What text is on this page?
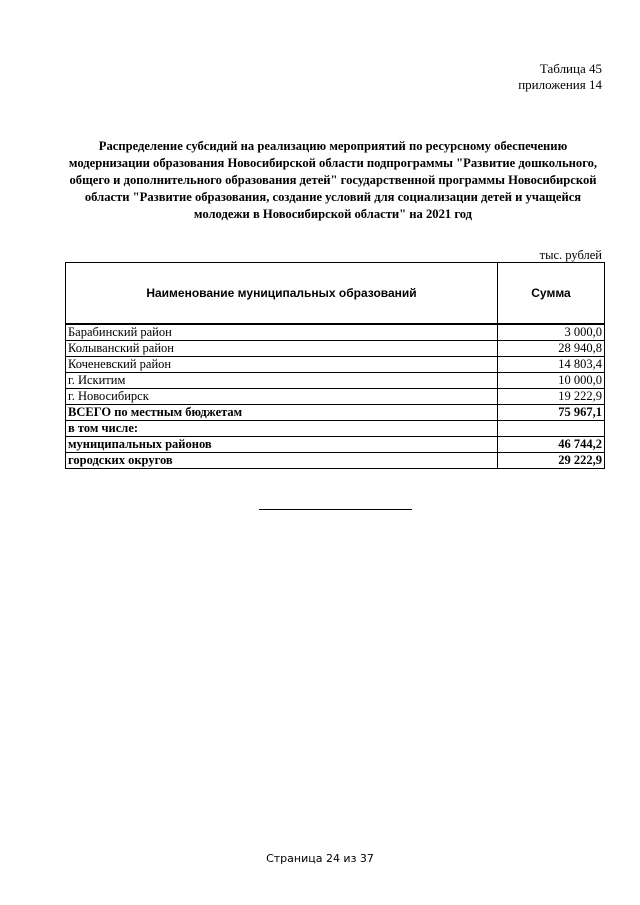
Таблица 45
приложения 14
Распределение субсидий на реализацию мероприятий по ресурсному обеспечению модернизации образования Новосибирской области подпрограммы "Развитие дошкольного, общего и дополнительного образования детей" государственной программы Новосибирской области "Развитие образования, создание условий для социализации детей и учащейся молодежи в Новосибирской области" на 2021 год
тыс. рублей
Наименование муниципальных образований	Сумма
Барабинский район	3 000,0
Колыванский район	28 940,8
Коченевский район	14 803,4
г. Искитим	10 000,0
г. Новосибирск	19 222,9
ВСЕГО по местным бюджетам	75 967,1
в том числе:	
муниципальных районов	46 744,2
городских округов	29 222,9
Страница 24 из 37
